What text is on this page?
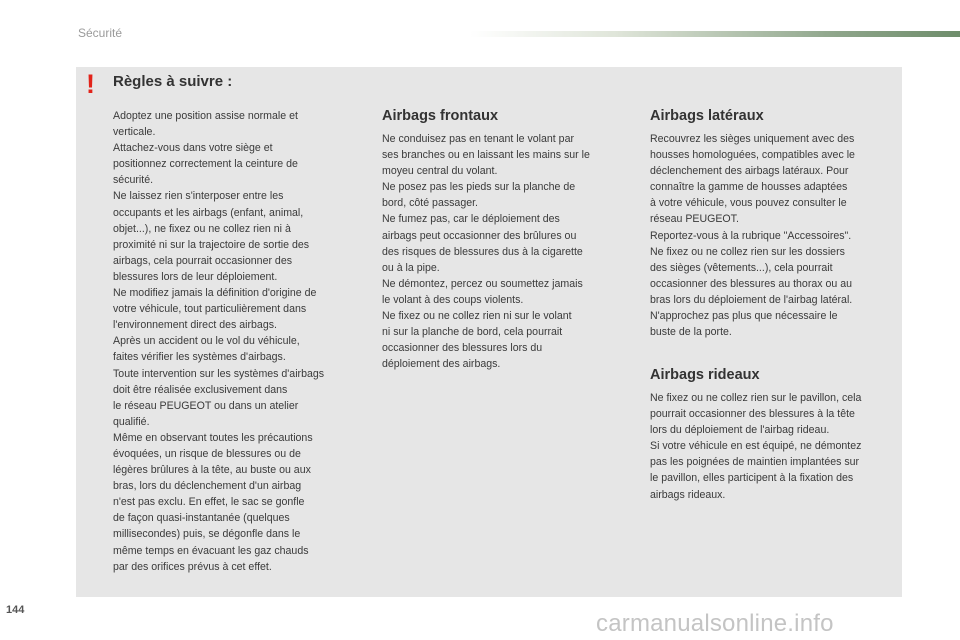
Sécurité
! Règles à suivre :
Adoptez une position assise normale et
verticale.
Attachez-vous dans votre siège et
positionnez correctement la ceinture de
sécurité.
Ne laissez rien s'interposer entre les
occupants et les airbags (enfant, animal,
objet...), ne fixez ou ne collez rien ni à
proximité ni sur la trajectoire de sortie des
airbags, cela pourrait occasionner des
blessures lors de leur déploiement.
Ne modifiez jamais la définition d'origine de
votre véhicule, tout particulièrement dans
l'environnement direct des airbags.
Après un accident ou le vol du véhicule,
faites vérifier les systèmes d'airbags.
Toute intervention sur les systèmes d'airbags
doit être réalisée exclusivement dans
le réseau PEUGEOT ou dans un atelier
qualifié.
Même en observant toutes les précautions
évoquées, un risque de blessures ou de
légères brûlures à la tête, au buste ou aux
bras, lors du déclenchement d'un airbag
n'est pas exclu. En effet, le sac se gonfle
de façon quasi-instantanée (quelques
millisecondes) puis, se dégonfle dans le
même temps en évacuant les gaz chauds
par des orifices prévus à cet effet.
Airbags frontaux
Ne conduisez pas en tenant le volant par
ses branches ou en laissant les mains sur le
moyeu central du volant.
Ne posez pas les pieds sur la planche de
bord, côté passager.
Ne fumez pas, car le déploiement des
airbags peut occasionner des brûlures ou
des risques de blessures dus à la cigarette
ou à la pipe.
Ne démontez, percez ou soumettez jamais
le volant à des coups violents.
Ne fixez ou ne collez rien ni sur le volant
ni sur la planche de bord, cela pourrait
occasionner des blessures lors du
déploiement des airbags.
Airbags latéraux
Recouvrez les sièges uniquement avec des
housses homologuées, compatibles avec le
déclenchement des airbags latéraux. Pour
connaître la gamme de housses adaptées
à votre véhicule, vous pouvez consulter le
réseau PEUGEOT.
Reportez-vous à la rubrique "Accessoires".
Ne fixez ou ne collez rien sur les dossiers
des sièges (vêtements...), cela pourrait
occasionner des blessures au thorax ou au
bras lors du déploiement de l'airbag latéral.
N'approchez pas plus que nécessaire le
buste de la porte.
Airbags rideaux
Ne fixez ou ne collez rien sur le pavillon, cela
pourrait occasionner des blessures à la tête
lors du déploiement de l'airbag rideau.
Si votre véhicule en est équipé, ne démontez
pas les poignées de maintien implantées sur
le pavillon, elles participent à la fixation des
airbags rideaux.
144	carmanualsonline.info
